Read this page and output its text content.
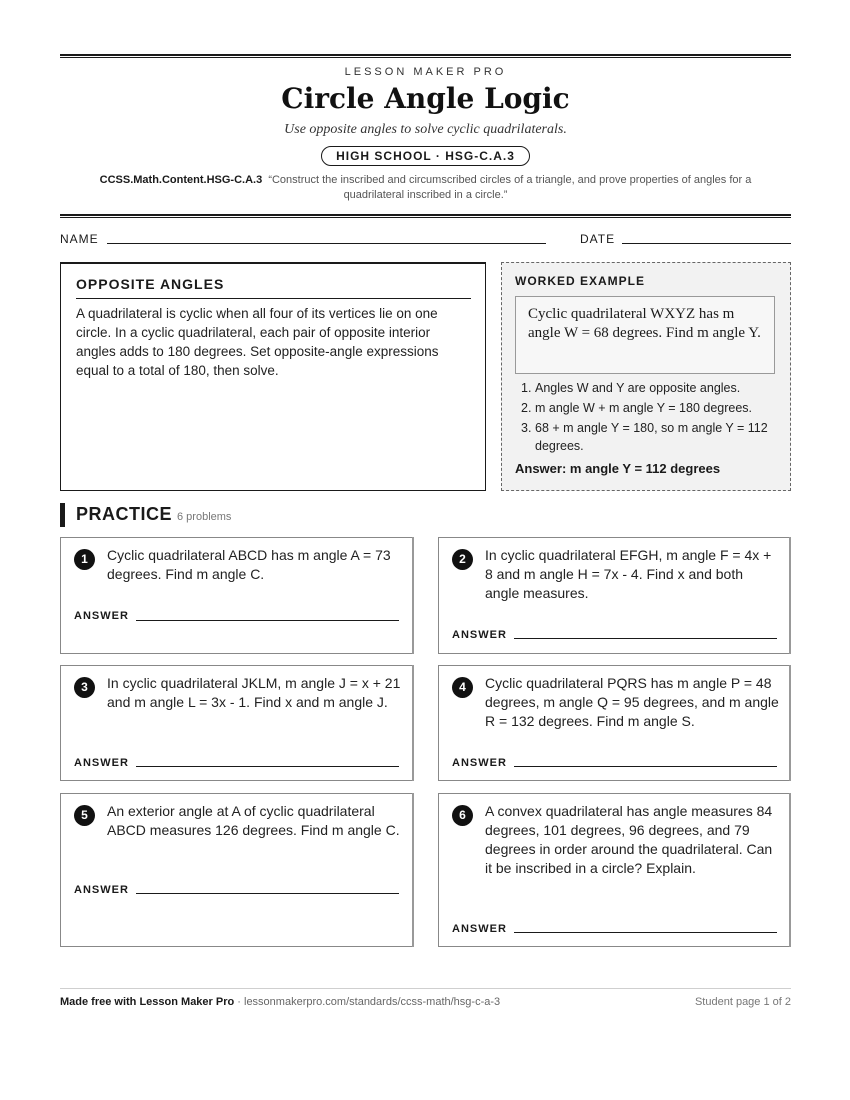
LESSON MAKER PRO
Circle Angle Logic
Use opposite angles to solve cyclic quadrilaterals.
HIGH SCHOOL · HSG-C.A.3
CCSS.Math.Content.HSG-C.A.3 “Construct the inscribed and circumscribed circles of a triangle, and prove properties of angles for a quadrilateral inscribed in a circle.”
NAME	DATE
OPPOSITE ANGLES

A quadrilateral is cyclic when all four of its vertices lie on one circle. In a cyclic quadrilateral, each pair of opposite interior angles adds to 180 degrees. Set opposite-angle expressions equal to a total of 180, then solve.

WORKED EXAMPLE
Cyclic quadrilateral WXYZ has m angle W = 68 degrees. Find m angle Y.
1. Angles W and Y are opposite angles.
2. m angle W + m angle Y = 180 degrees.
3. 68 + m angle Y = 180, so m angle Y = 112 degrees.
Answer: m angle Y = 112 degrees
PRACTICE 6 problems
1	Cyclic quadrilateral ABCD has m angle A = 73 degrees. Find m angle C.
ANSWER
2	In cyclic quadrilateral EFGH, m angle F = 4x + 8 and m angle H = 7x - 4. Find x and both angle measures.
ANSWER
3	In cyclic quadrilateral JKLM, m angle J = x + 21 and m angle L = 3x - 1. Find x and m angle J.
ANSWER
4	Cyclic quadrilateral PQRS has m angle P = 48 degrees, m angle Q = 95 degrees, and m angle R = 132 degrees. Find m angle S.
ANSWER
5	An exterior angle at A of cyclic quadrilateral ABCD measures 126 degrees. Find m angle C.
ANSWER
6	A convex quadrilateral has angle measures 84 degrees, 101 degrees, 96 degrees, and 79 degrees in order around the quadrilateral. Can it be inscribed in a circle? Explain.
ANSWER
Made free with Lesson Maker Pro · lessonmakerpro.com/standards/ccss-math/hsg-c-a-3	Student page 1 of 2
